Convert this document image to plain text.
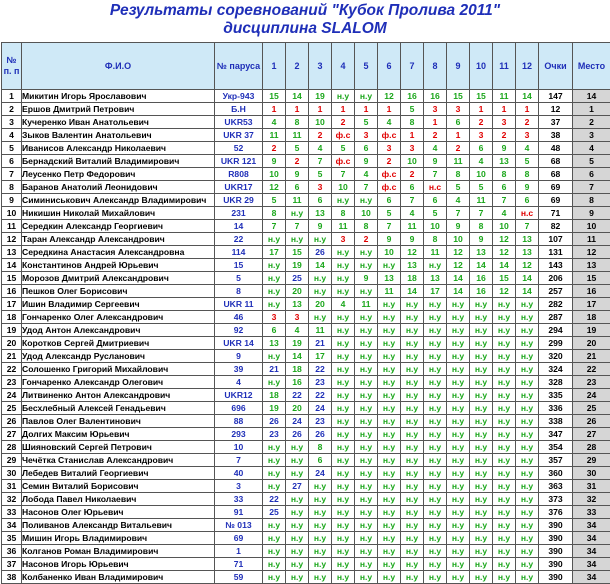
Результаты соревнований "Кубок Пролива 2011"
дисциплина SLALOM
№ п. п	Ф.И.О	№ паруса	1	2	3	4	5	6	7	8	9	10	11	12	Очки	Место
1	Микитин Игорь Ярославович	Укр-943	15	14	19	н.у	н.у	12	16	16	15	15	11	14	147	14
2	Ершов Дмитрий Петрович	Б.Н	1	1	1	1	1	1	5	3	3	1	1	1	12	1
3	Кучеренко Иван Анатольевич	UKR53	4	8	10	2	5	4	8	1	6	2	3	2	37	2
4	Зыков Валентин Анатольевич	UKR 37	11	11	2	ф.с	3	ф.с	1	2	1	3	2	3	38	3
5	Иванисов Александр Николаевич	52	2	5	4	5	6	3	3	4	2	6	9	4	48	4
6	Бернадский Виталий Владимирович	UKR 121	9	2	7	ф.с	9	2	10	9	11	4	13	5	68	5
7	Леусенко Петр Федорович	R808	10	9	5	7	4	ф.с	2	7	8	10	8	8	68	6
8	Баранов Анатолий Леонидович	UKR17	12	6	3	10	7	ф.с	6	н.с	5	5	6	9	69	7
9	Симиниськович Александр Владимирович	UKR 29	5	11	6	н.у	н.у	6	7	6	4	11	7	6	69	8
10	Никишин Николай Михайлович	231	8	н.у	13	8	10	5	4	5	7	7	4	н.с	71	9
11	Середкин Александр Георгиевич	14	7	7	9	11	8	7	11	10	9	8	10	7	82	10
12	Таран Александр Александрович	22	н.у	н.у	н.у	3	2	9	9	8	10	9	12	13	107	11
13	Середкина Анастасия Александровна	114	17	15	26	н.у	н.у	10	12	11	12	13	12	13	131	12
14	Константинов Андрей Юрьевич	15	н.у	19	14	н.у	н.у	н.у	13	н.у	12	14	14	12	143	13
15	Морозов Дмитрий Александрович	5	н.у	25	н.у	н.у	9	13	18	13	14	16	15	14	206	15
16	Пешков Олег Борисович	8	н.у	20	н.у	н.у	н.у	11	14	17	14	16	12	14	257	16
17	Ишин Владимир Сергеевич	UKR 11	н.у	13	20	4	11	н.у	н.у	н.у	н.у	н.у	н.у	н.у	282	17
18	Гончаренко Олег Александрович	46	3	3	н.у	н.у	н.у	н.у	н.у	н.у	н.у	н.у	н.у	н.у	287	18
19	Удод Антон Александрович	92	6	4	11	н.у	н.у	н.у	н.у	н.у	н.у	н.у	н.у	н.у	294	19
20	Коротков Сергей Дмитриевич	UKR 14	13	19	21	н.у	н.у	н.у	н.у	н.у	н.у	н.у	н.у	н.у	299	20
21	Удод Александр Русланович	9	н.у	14	17	н.у	н.у	н.у	н.у	н.у	н.у	н.у	н.у	н.у	320	21
22	Солошенко Григорий Михайлович	39	21	18	22	н.у	н.у	н.у	н.у	н.у	н.у	н.у	н.у	н.у	324	22
23	Гончаренко Александр Олегович	4	н.у	16	23	н.у	н.у	н.у	н.у	н.у	н.у	н.у	н.у	н.у	328	23
24	Литвиненко Антон Александрович	UKR12	18	22	22	н.у	н.у	н.у	н.у	н.у	н.у	н.у	н.у	н.у	335	24
25	Бесхлебный Алексей Генадьевич	696	19	20	24	н.у	н.у	н.у	н.у	н.у	н.у	н.у	н.у	н.у	336	25
26	Павлов Олег Валентинович	88	26	24	23	н.у	н.у	н.у	н.у	н.у	н.у	н.у	н.у	н.у	338	26
27	Долгих Максим Юрьевич	293	23	26	26	н.у	н.у	н.у	н.у	н.у	н.у	н.у	н.у	н.у	347	27
28	Шияновский Сергей Петрович	10	н.у	н.у	8	н.у	н.у	н.у	н.у	н.у	н.у	н.у	н.у	н.у	354	28
29	Чечётка Станислав Александрович	7	н.у	н.у	6	н.у	н.у	н.у	н.у	н.у	н.у	н.у	н.у	н.у	357	29
30	Лебедев Виталий Георгиевич	40	н.у	н.у	24	н.у	н.у	н.у	н.у	н.у	н.у	н.у	н.у	н.у	360	30
31	Семин Виталий Борисович	3	н.у	27	н.у	н.у	н.у	н.у	н.у	н.у	н.у	н.у	н.у	н.у	363	31
32	Лобода Павел Николаевич	33	22	н.у	н.у	н.у	н.у	н.у	н.у	н.у	н.у	н.у	н.у	н.у	373	32
33	Насонов Олег Юрьевич	91	25	н.у	н.у	н.у	н.у	н.у	н.у	н.у	н.у	н.у	н.у	н.у	376	33
34	Поливанов Александр Витальевич	№ 013	н.у	н.у	н.у	н.у	н.у	н.у	н.у	н.у	н.у	н.у	н.у	н.у	390	34
35	Мишин Игорь Владимирович	69	н.у	н.у	н.у	н.у	н.у	н.у	н.у	н.у	н.у	н.у	н.у	н.у	390	34
36	Колганов Роман Владимирович	1	н.у	н.у	н.у	н.у	н.у	н.у	н.у	н.у	н.у	н.у	н.у	н.у	390	34
37	Насонов Игорь Юрьевич	71	н.у	н.у	н.у	н.у	н.у	н.у	н.у	н.у	н.у	н.у	н.у	н.у	390	34
38	Колбаненко Иван Владимирович	59	н.у	н.у	н.у	н.у	н.у	н.у	н.у	н.у	н.у	н.у	н.у	н.у	390	34
